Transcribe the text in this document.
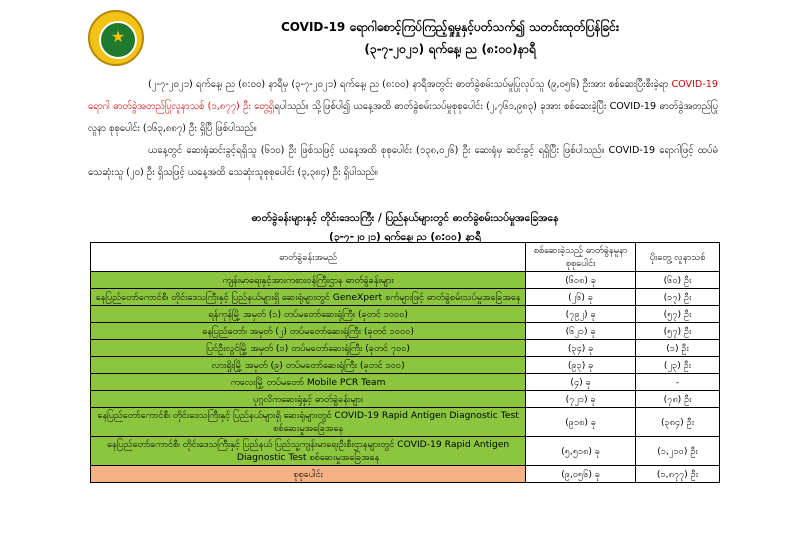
★	COVID-19 ရောဂါစောင့်ကြပ်ကြည့်ရှုမှုနှင့်ပတ်သက်၍ သတင်းထုတ်ပြန်ခြင်း
(၃-၇-၂၀၂၁) ရက်နေ့၊ ည (၈:၀၀)နာရီ

(၂-၇-၂၀၂၁) ရက်နေ့၊ ည (၈:၀၀) နာရီမှ (၃-၇-၂၀၂၁) ရက်နေ့၊ ည (၈:၀၀) နာရီအတွင်း ဓာတ်ခွဲစမ်းသပ်မှုပြုလုပ်သူ (၉,၀၅၆) ဦးအား စစ်ဆေးပြီးစီးခဲ့ရာ COVID-19 ရောဂါ ဓာတ်ခွဲအတည်ပြုလူနာသစ် (၁,၈၇၇) ဦး တွေ့ရှိရပါသည်။ သို့ဖြစ်ပါ၍ ယနေ့အထိ ဓာတ်ခွဲစမ်းသပ်မှုစုစုပေါင်း (၂,၇၆၁,၉၈၃) ခုအား စစ်ဆေးခဲ့ပြီး COVID-19 ဓာတ်ခွဲအတည်ပြုလူနာ စုစုပေါင်း (၁၆၃,၈၈၇) ဦး ရှိပြီ ဖြစ်ပါသည်။

ယနေ့တွင် ဆေးရုံဆင်းခွင့်ရရှိသူ (၆၁၀) ဦး ဖြစ်သဖြင့် ယနေ့အထိ စုစုပေါင်း (၁၃၈,၀၂၆) ဦး ဆေးရုံမှ ဆင်းခွင့် ရရှိပြီး ဖြစ်ပါသည်။ COVID-19 ရောဂါဖြင့် ထပ်မံသေဆုံးသူ (၂၀) ဦး ရှိသဖြင့် ယနေ့အထိ သေဆုံးသူစုစုပေါင်း (၃,၃၈၄) ဦး ရှိပါသည်။

ဓာတ်ခွဲခန်းများနှင့် တိုင်းဒေသကြီး / ပြည်နယ်များတွင် ဓာတ်ခွဲစမ်းသပ်မှုအခြေအနေ
(၃-၇-၂၀၂၁) ရက်နေ့၊ ည (၈:၀၀) နာရီ
ဓာတ်ခွဲခန်းအမည်	စစ်ဆေးခဲ့သည့် ဓာတ်ခွဲနမူနာ စုစုပေါင်း	ပိုးတွေ့ လူနာသစ်
ကျန်းမာရေးနှင့်အားကစားဝန်ကြီးဌာန ဓာတ်ခွဲခန်းများ	(၆၀၈) ခု	(၆၀) ဦး
နေပြည်တော်ကောင်စီ၊ တိုင်းဒေသကြီးနှင့် ပြည်နယ်များရှိ ဆေးရုံများတွင် GeneXpert စက်များဖြင့် ဓာတ်ခွဲစမ်းသပ်မှုအခြေအနေ	(၂၆) ခု	(၁၇) ဦး
ရန်ကုန်မြို့ အမှတ် (၁) တပ်မတော်ဆေးရုံကြီး (ခုတင် ၁၀၀၀)	(၇၉၂) ခု	(၅၇) ဦး
နေပြည်တော်၊ အမှတ် (၂) တပ်မတော်ဆေးရုံကြီး (ခုတင် ၁၀၀၀)	(၆၂၁) ခု	(၅၇) ဦး
ပြင်ဦးလွင်မြို့ အမှတ် (၁) တပ်မတော်ဆေးရုံကြီး (ခုတင် ၇၀၀)	(၃၄) ခု	(၁) ဦး
လားရှိုးမြို့ အမှတ် (၉) တပ်မတော်ဆေးရုံကြီး (ခုတင် ၁၀၀)	(၉၃) ခု	(၂၃) ဦး
ကလေးမြို့ တပ်မတော် Mobile PCR Team	(၄) ခု	-
ပုဂ္ဂလိကဆေးရုံနှင့် ဓာတ်ခွဲခန်းများ	(၇၂၁) ခု	(၇၈) ဦး
နေပြည်တော်ကောင်စီ၊ တိုင်းဒေသကြီးနှင့် ပြည်နယ်များရှိ ဆေးရုံများတွင် COVID-19 Rapid Antigen Diagnostic Test စစ်ဆေးမှုအခြေအနေ	(၉၁၈) ခု	(၃၈၄) ဦး
နေပြည်တော်ကောင်စီ၊ တိုင်းဒေသကြီးနှင့် ပြည်နယ် ပြည်သူ့ကျန်းမာရေးဦးစီးဌာနများတွင် COVID-19 Rapid Antigen Diagnostic Test စစ်ဆေးမှုအခြေအနေ	(၅,၅၁၈) ခု	(၁,၂၁၀) ဦး
စုစုပေါင်း	(၉,၀၅၆) ခု	(၁,၈၇၇) ဦး
